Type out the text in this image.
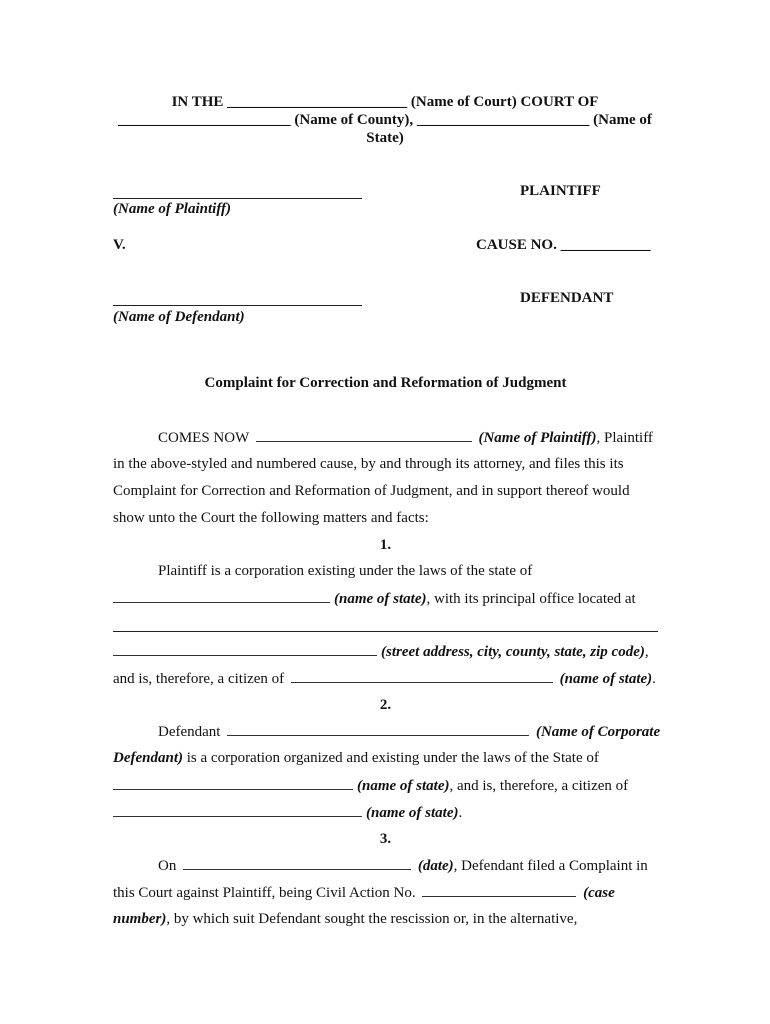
IN THE ________________________ (Name of Court) COURT OF
_______________________ (Name of County), _______________________ (Name of
State)
PLAINTIFF
(Name of Plaintiff)
V.	CAUSE NO. ____________
DEFENDANT
(Name of Defendant)
Complaint for Correction and Reformation of Judgment
COMES NOW	(Name of Plaintiff), Plaintiff
in the above-styled and numbered cause, by and through its attorney, and files this its
Complaint for Correction and Reformation of Judgment, and in support thereof would
show unto the Court the following matters and facts:
1.
Plaintiff is a corporation existing under the laws of the state of
(name of state), with its principal office located at
(street address, city, county, state, zip code),
and is, therefore, a citizen of	(name of state).
2.
Defendant	(Name of Corporate
Defendant) is a corporation organized and existing under the laws of the State of
(name of state), and is, therefore, a citizen of
(name of state).
3.
On	(date), Defendant filed a Complaint in
this Court against Plaintiff, being Civil Action No.	(case
number), by which suit Defendant sought the rescission or, in the alternative,
